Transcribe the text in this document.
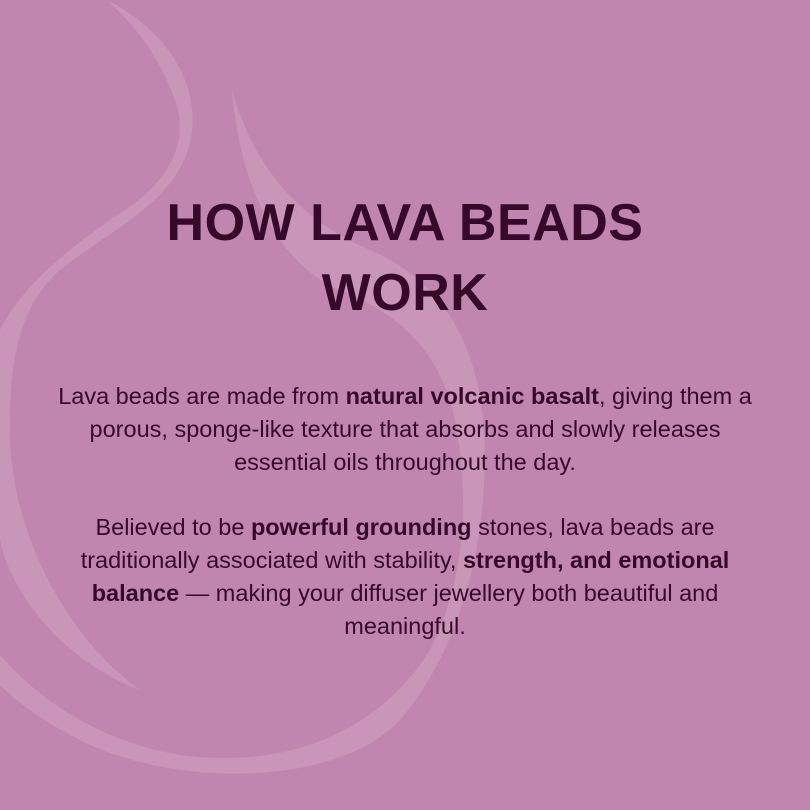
HOW LAVA BEADS
WORK
Lava beads are made from natural volcanic basalt, giving them a porous, sponge-like texture that absorbs and slowly releases essential oils throughout the day.
Believed to be powerful grounding stones, lava beads are traditionally associated with stability, strength, and emotional balance — making your diffuser jewellery both beautiful and meaningful.
